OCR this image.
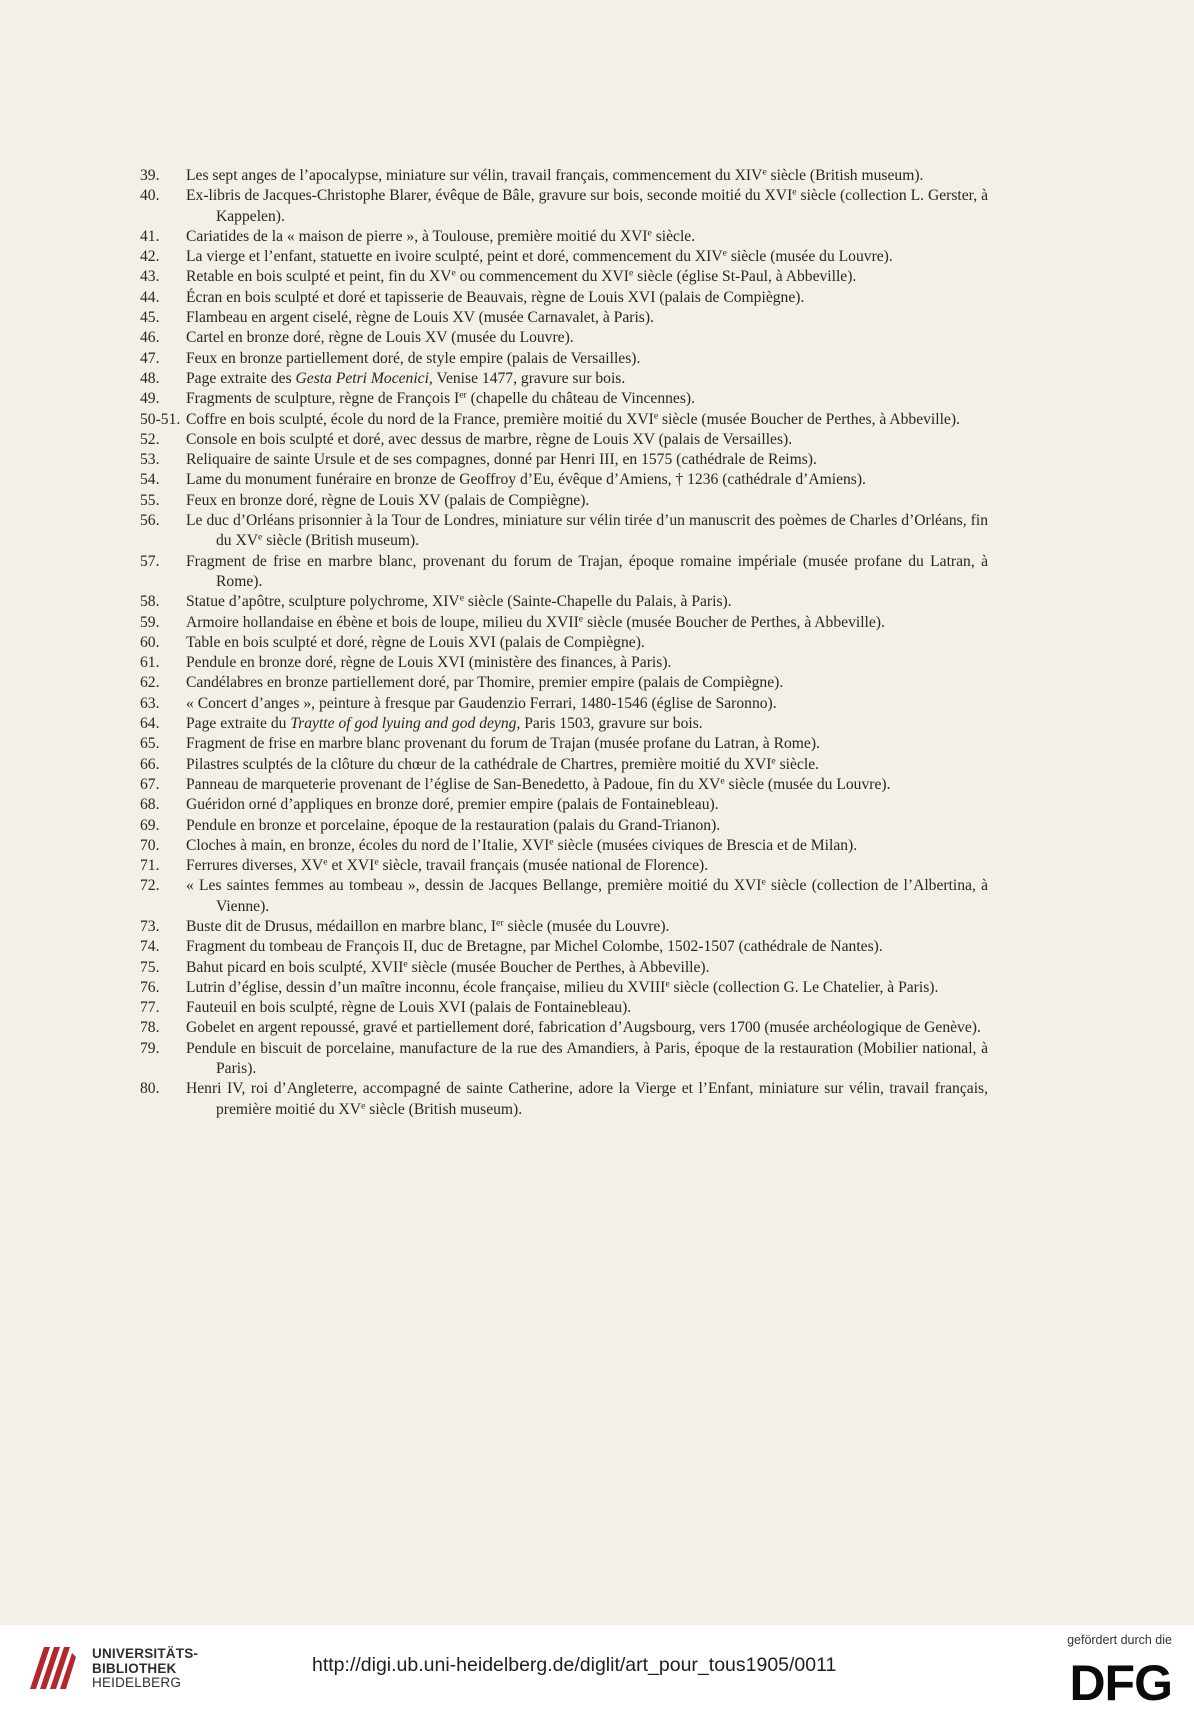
39.	Les sept anges de l’apocalypse, miniature sur vélin, travail français, commencement du XIVe siècle (British museum).
40.	Ex-libris de Jacques-Christophe Blarer, évêque de Bâle, gravure sur bois, seconde moitié du XVIe siècle (collection L. Gerster, à Kappelen).
41.	Cariatides de la « maison de pierre », à Toulouse, première moitié du XVIe siècle.
42.	La vierge et l’enfant, statuette en ivoire sculpté, peint et doré, commencement du XIVe siècle (musée du Louvre).
43.	Retable en bois sculpté et peint, fin du XVe ou commencement du XVIe siècle (église St-Paul, à Abbeville).
44.	Écran en bois sculpté et doré et tapisserie de Beauvais, règne de Louis XVI (palais de Compiègne).
45.	Flambeau en argent ciselé, règne de Louis XV (musée Carnavalet, à Paris).
46.	Cartel en bronze doré, règne de Louis XV (musée du Louvre).
47.	Feux en bronze partiellement doré, de style empire (palais de Versailles).
48.	Page extraite des Gesta Petri Mocenici, Venise 1477, gravure sur bois.
49.	Fragments de sculpture, règne de François Ier (chapelle du château de Vincennes).
50-51. Coffre en bois sculpté, école du nord de la France, première moitié du XVIe siècle (musée Boucher de Perthes, à Abbeville).
52.	Console en bois sculpté et doré, avec dessus de marbre, règne de Louis XV (palais de Versailles).
53.	Reliquaire de sainte Ursule et de ses compagnes, donné par Henri III, en 1575 (cathédrale de Reims).
54.	Lame du monument funéraire en bronze de Geoffroy d’Eu, évêque d’Amiens, † 1236 (cathédrale d’Amiens).
55.	Feux en bronze doré, règne de Louis XV (palais de Compiègne).
56.	Le duc d’Orléans prisonnier à la Tour de Londres, miniature sur vélin tirée d’un manuscrit des poèmes de Charles d’Orléans, fin du XVe siècle (British museum).
57.	Fragment de frise en marbre blanc, provenant du forum de Trajan, époque romaine impériale (musée profane du Latran, à Rome).
58.	Statue d’apôtre, sculpture polychrome, XIVe siècle (Sainte-Chapelle du Palais, à Paris).
59.	Armoire hollandaise en ébène et bois de loupe, milieu du XVIIe siècle (musée Boucher de Perthes, à Abbeville).
60.	Table en bois sculpté et doré, règne de Louis XVI (palais de Compiègne).
61.	Pendule en bronze doré, règne de Louis XVI (ministère des finances, à Paris).
62.	Candélabres en bronze partiellement doré, par Thomire, premier empire (palais de Compiègne).
63.	« Concert d’anges », peinture à fresque par Gaudenzio Ferrari, 1480-1546 (église de Saronno).
64.	Page extraite du Traytte of god lyuing and god deyng, Paris 1503, gravure sur bois.
65.	Fragment de frise en marbre blanc provenant du forum de Trajan (musée profane du Latran, à Rome).
66.	Pilastres sculptés de la clôture du chœur de la cathédrale de Chartres, première moitié du XVIe siècle.
67.	Panneau de marqueterie provenant de l’église de San-Benedetto, à Padoue, fin du XVe siècle (musée du Louvre).
68.	Guéridon orné d’appliques en bronze doré, premier empire (palais de Fontainebleau).
69.	Pendule en bronze et porcelaine, époque de la restauration (palais du Grand-Trianon).
70.	Cloches à main, en bronze, écoles du nord de l’Italie, XVIe siècle (musées civiques de Brescia et de Milan).
71.	Ferrures diverses, XVe et XVIe siècle, travail français (musée national de Florence).
72.	« Les saintes femmes au tombeau », dessin de Jacques Bellange, première moitié du XVIe siècle (collection de l’Albertina, à Vienne).
73.	Buste dit de Drusus, médaillon en marbre blanc, Ier siècle (musée du Louvre).
74.	Fragment du tombeau de François II, duc de Bretagne, par Michel Colombe, 1502-1507 (cathédrale de Nantes).
75.	Bahut picard en bois sculpté, XVIIe siècle (musée Boucher de Perthes, à Abbeville).
76.	Lutrin d’église, dessin d’un maître inconnu, école française, milieu du XVIIIe siècle (collection G. Le Chatelier, à Paris).
77.	Fauteuil en bois sculpté, règne de Louis XVI (palais de Fontainebleau).
78.	Gobelet en argent repoussé, gravé et partiellement doré, fabrication d’Augsbourg, vers 1700 (musée archéologique de Genève).
79.	Pendule en biscuit de porcelaine, manufacture de la rue des Amandiers, à Paris, époque de la restauration (Mobilier national, à Paris).
80.	Henri IV, roi d’Angleterre, accompagné de sainte Catherine, adore la Vierge et l’Enfant, miniature sur vélin, travail français, première moitié du XVe siècle (British museum).
UNIVERSITÄTS-
BIBLIOTHEK
HEIDELBERG
http://digi.ub.uni-heidelberg.de/diglit/art_pour_tous1905/0011
gefördert durch die
DFG
